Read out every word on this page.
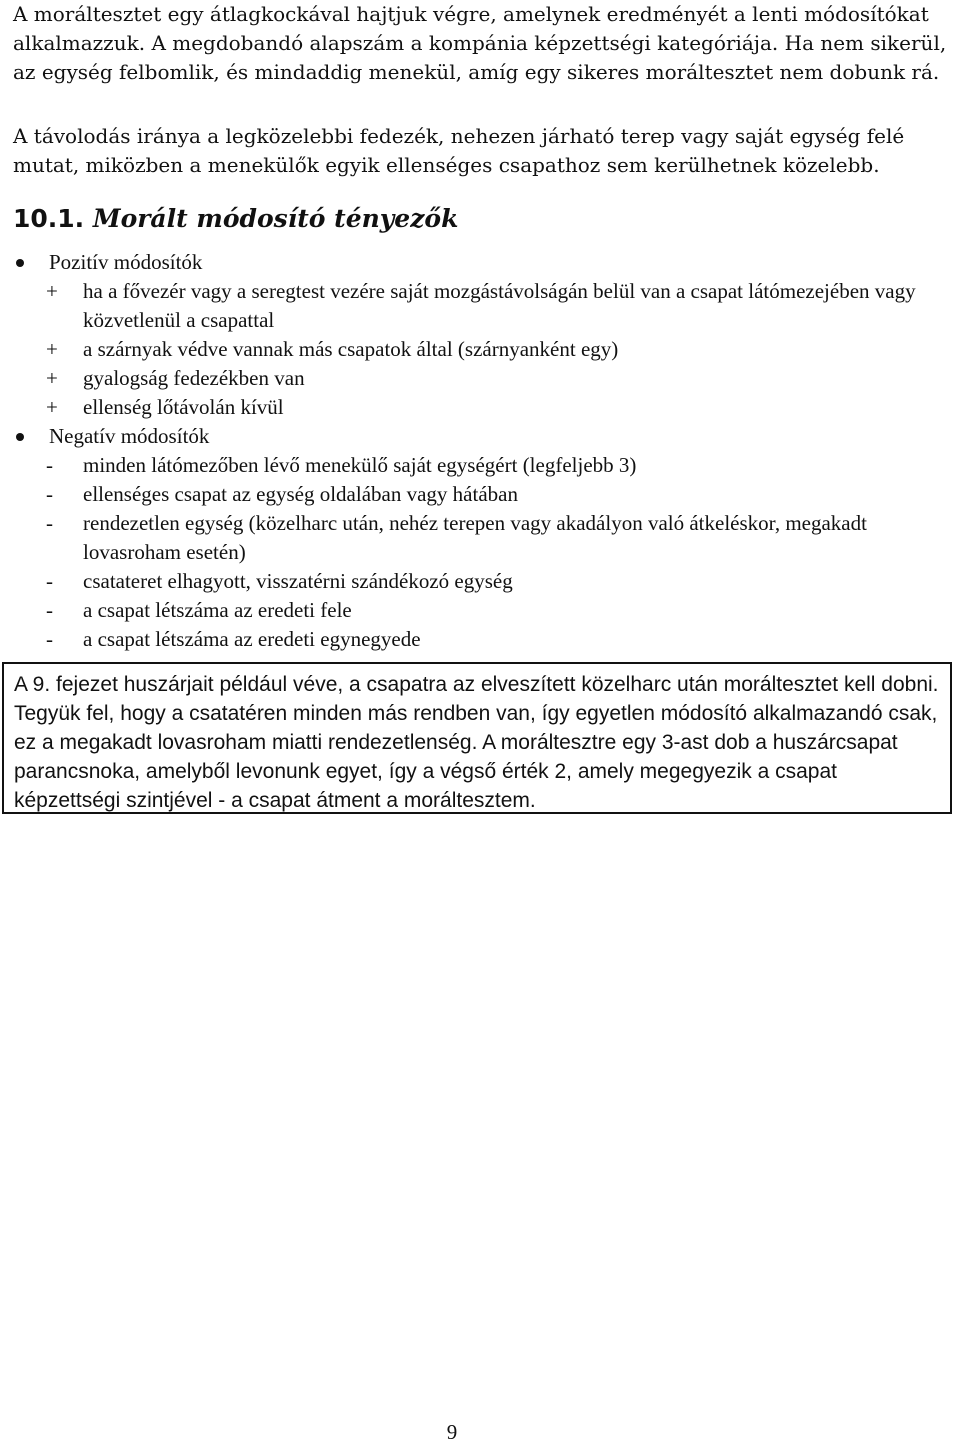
A moráltesztet egy átlagkockával hajtjuk végre, amelynek eredményét a lenti módosítókat alkalmazzuk. A megdobandó alapszám a kompánia képzettségi kategóriája. Ha nem sikerül, az egység felbomlik, és mindaddig menekül, amíg egy sikeres moráltesztet nem dobunk rá.

A távolodás iránya a legközelebbi fedezék, nehezen járható terep vagy saját egység felé mutat, miközben a menekülők egyik ellenséges csapathoz sem kerülhetnek közelebb.

10.1. Morált módosító tényezők
Pozitív módosítók
+ ha a fővezér vagy a seregtest vezére saját mozgástávolságán belül van a csapat látómezejében vagy közvetlenül a csapattal
+ a szárnyak védve vannak más csapatok által (szárnyanként egy)
+ gyalogság fedezékben van
+ ellenség lőtávolán kívül
Negatív módosítók
- minden látómezőben lévő menekülő saját egységért (legfeljebb 3)
- ellenséges csapat az egység oldalában vagy hátában
- rendezetlen egység (közelharc után, nehéz terepen vagy akadályon való átkeléskor, megakadt lovasroham esetén)
- csatateret elhagyott, visszatérni szándékozó egység
- a csapat létszáma az eredeti fele
- a csapat létszáma az eredeti egynegyede
A 9. fejezet huszárjait például véve, a csapatra az elveszített közelharc után moráltesztet kell dobni. Tegyük fel, hogy a csatatéren minden más rendben van, így egyetlen módosító alkalmazandó csak, ez a megakadt lovasroham miatti rendezetlenség. A moráltesztre egy 3-ast dob a huszárcsapat parancsnoka, amelyből levonunk egyet, így a végső érték 2, amely megegyezik a csapat képzettségi szintjével - a csapat átment a moráltesztem.
9
